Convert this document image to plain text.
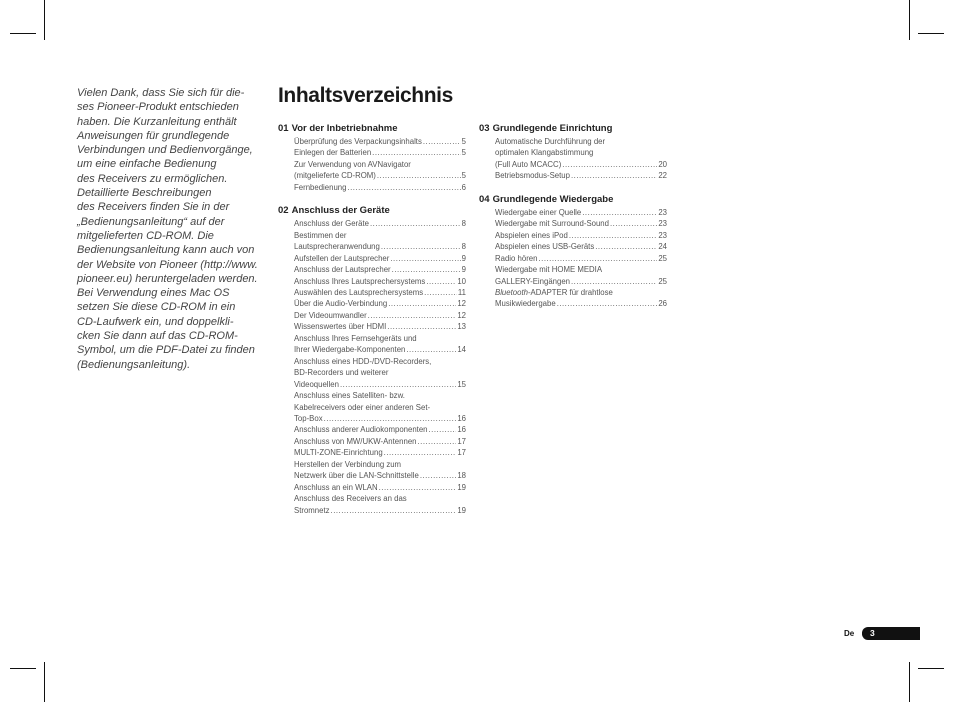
Vielen Dank, dass Sie sich für die-

ses Pioneer-Produkt entschieden

haben. Die Kurzanleitung enthält

Anweisungen für grundlegende

Verbindungen und Bedienvorgänge,

um eine einfache Bedienung

des Receivers zu ermöglichen.

Detaillierte Beschreibungen

des Receivers finden Sie in der

„Bedienungsanleitung“ auf der

mitgelieferten CD-ROM. Die

Bedienungsanleitung kann auch von

der Website von Pioneer (http://www.

pioneer.eu) heruntergeladen werden.

Bei Verwendung eines Mac OS

setzen Sie diese CD-ROM in ein

CD-Laufwerk ein, und doppelkli-

cken Sie dann auf das CD-ROM-

Symbol, um die PDF-Datei zu finden

(Bedienungsanleitung).

Inhaltsverzeichnis
01 Vor der Inbetriebnahme
Überprüfung des Verpackungsinhalts .....	5
Einlegen der Batterien .....	5
Zur Verwendung von AVNavigator
(mitgelieferte CD-ROM) .....	5
Fernbedienung .....	6
02 Anschluss der Geräte
Anschluss der Geräte .....	8
Bestimmen der
Lautsprecheranwendung .....	8
Aufstellen der Lautsprecher .....	9
Anschluss der Lautsprecher .....	9
Anschluss Ihres Lautsprechersystems .....	10
Auswählen des Lautsprechersystems .....	11
Über die Audio-Verbindung .....	12
Der Videoumwandler .....	12
Wissenswertes über HDMI .....	13
Anschluss Ihres Fernsehgeräts und
Ihrer Wiedergabe-Komponenten .....	14
Anschluss eines HDD-/DVD-Recorders,
BD-Recorders und weiterer
Videoquellen .....	15
Anschluss eines Satelliten- bzw.
Kabelreceivers oder einer anderen Set-
Top-Box .....	16
Anschluss anderer Audiokomponenten .....	16
Anschluss von MW/UKW-Antennen .....	17
MULTI-ZONE-Einrichtung .....	17
Herstellen der Verbindung zum
Netzwerk über die LAN-Schnittstelle .....	18
Anschluss an ein WLAN .....	19
Anschluss des Receivers an das
Stromnetz .....	19
03 Grundlegende Einrichtung
Automatische Durchführung der
optimalen Klangabstimmung
(Full Auto MCACC) .....	20
Betriebsmodus-Setup .....	22
04 Grundlegende Wiedergabe
Wiedergabe einer Quelle .....	23
Wiedergabe mit Surround-Sound .....	23
Abspielen eines iPod .....	23
Abspielen eines USB-Geräts .....	24
Radio hören .....	25
Wiedergabe mit HOME MEDIA
GALLERY-Eingängen .....	25
Bluetooth-ADAPTER für drahtlose
Musikwiedergabe .....	26
De 3
